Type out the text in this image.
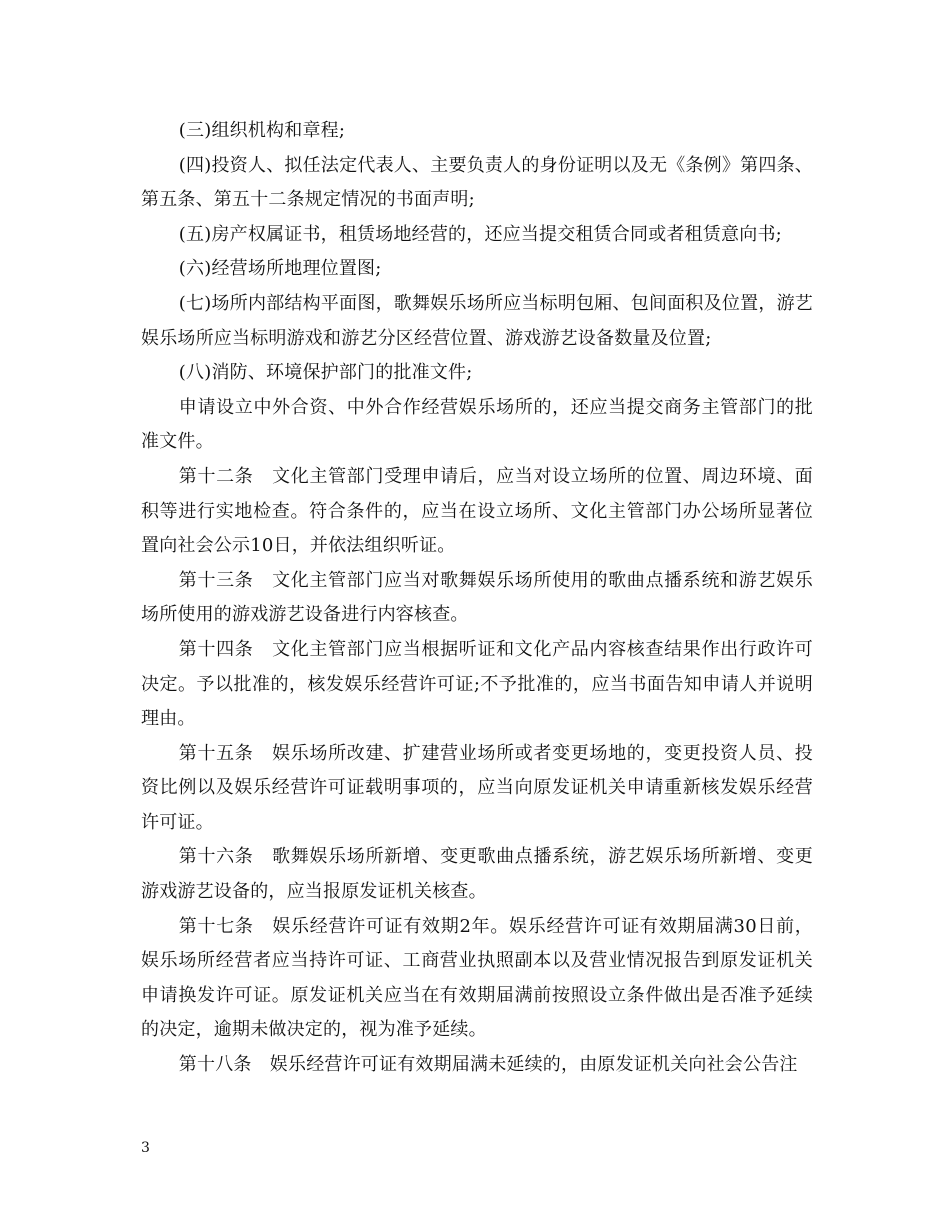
(三)组织机构和章程;

(四)投资人、拟任法定代表人、主要负责人的身份证明以及无《条例》第四条、第五条、第五十二条规定情况的书面声明;

(五)房产权属证书，租赁场地经营的，还应当提交租赁合同或者租赁意向书;

(六)经营场所地理位置图;

(七)场所内部结构平面图，歌舞娱乐场所应当标明包厢、包间面积及位置，游艺娱乐场所应当标明游戏和游艺分区经营位置、游戏游艺设备数量及位置;

(八)消防、环境保护部门的批准文件;

申请设立中外合资、中外合作经营娱乐场所的，还应当提交商务主管部门的批准文件。

第十二条　文化主管部门受理申请后，应当对设立场所的位置、周边环境、面积等进行实地检查。符合条件的，应当在设立场所、文化主管部门办公场所显著位置向社会公示10日，并依法组织听证。

第十三条　文化主管部门应当对歌舞娱乐场所使用的歌曲点播系统和游艺娱乐场所使用的游戏游艺设备进行内容核查。

第十四条　文化主管部门应当根据听证和文化产品内容核查结果作出行政许可决定。予以批准的，核发娱乐经营许可证;不予批准的，应当书面告知申请人并说明理由。

第十五条　娱乐场所改建、扩建营业场所或者变更场地的，变更投资人员、投资比例以及娱乐经营许可证载明事项的，应当向原发证机关申请重新核发娱乐经营许可证。

第十六条　歌舞娱乐场所新增、变更歌曲点播系统，游艺娱乐场所新增、变更游戏游艺设备的，应当报原发证机关核查。

第十七条　娱乐经营许可证有效期2年。娱乐经营许可证有效期届满30日前，娱乐场所经营者应当持许可证、工商营业执照副本以及营业情况报告到原发证机关申请换发许可证。原发证机关应当在有效期届满前按照设立条件做出是否准予延续的决定，逾期未做决定的，视为准予延续。

第十八条　娱乐经营许可证有效期届满未延续的，由原发证机关向社会公告注

3
